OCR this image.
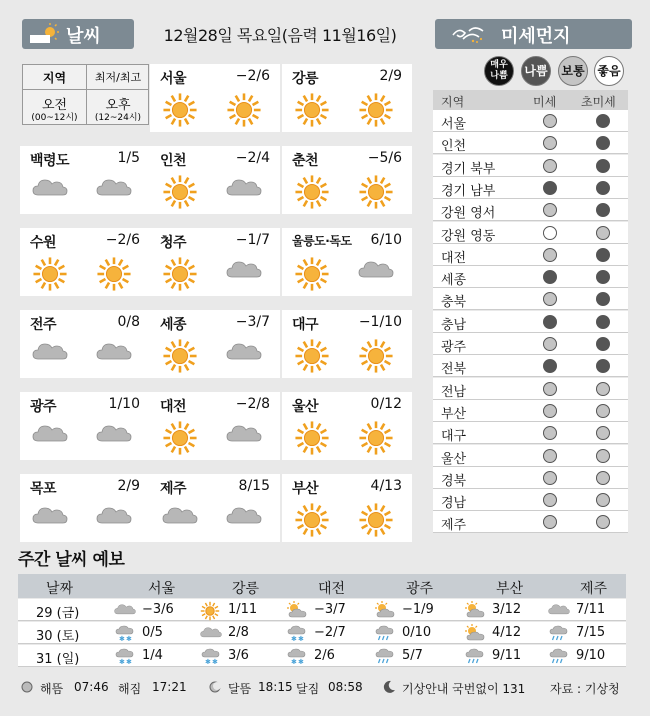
날씨	12월28일 목요일(음력 11월16일)	미세먼지
지역	최저/최고
오전
(00~12시)
오후
(12~24시)
서울	−2/6 강릉	2/9
백령도	1/5 인천	−2/4 춘천	−5/6
수원	−2/6 청주	−1/7 울릉도·독도 6/10
전주	0/8 세종	−3/7 대구	−1/10
광주	1/10 대전	−2/8 울산	0/12
목포	2/9 제주	8/15 부산	4/13
매우
나쁨	나쁨 보통 좋음
지역	미세 초미세
서울
인천
경기 북부
경기 남부
강원 영서
강원 영동
대전
세종
충북
충남
광주
전북
전남
부산
대구
울산
경북
경남
제주
주간 날씨 예보
날짜	서울	강릉	대전	광주	부산	제주
29 (금)	−3/6	1/11	−3/7	−1/9	3/12	7/11
30 (토)	✱ ✱ 0/5	2/8	✱ ✱ −2/7	0/10	4/12	7/15
31 (일)	✱ ✱ 1/4	✱ ✱ 3/6	✱ ✱ 2/6	5/7	9/11	9/10
해뜸 07:46 해짐 17:21	달뜸 18:15 달짐 08:58	기상안내 국번없이 131 자료 : 기상청
